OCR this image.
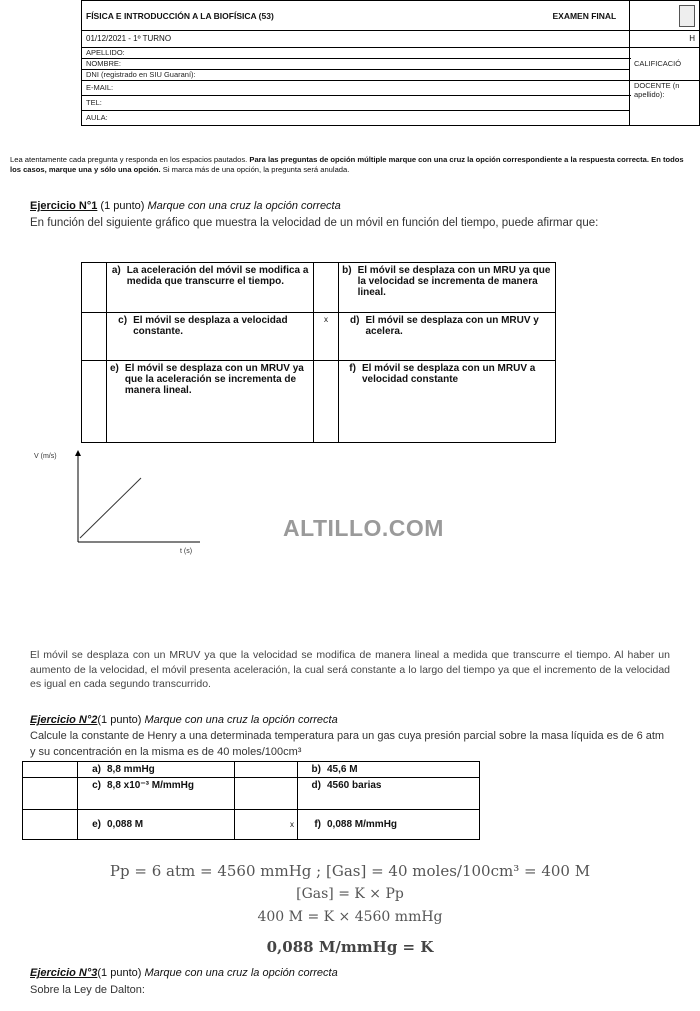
FÍSICA E INTRODUCCIÓN A LA BIOFÍSICA (53) EXAMEN FINAL	

01/12/2021 - 1º TURNO	H
APELLIDO:	CALIFICACIÓ
NOMBRE:	
DNI (registrado en SIU Guaraní):	
E-MAIL:	DOCENTE (n apellido):
TEL:	
AULA:	
Lea atentamente cada pregunta y responda en los espacios pautados. Para las preguntas de opción múltiple marque con una cruz la opción correspondiente a la respuesta correcta. En todos los casos, marque una y sólo una opción. Si marca más de una opción, la pregunta será anulada.
Ejercicio N°1 (1 punto) Marque con una cruz la opción correcta
En función del siguiente gráfico que muestra la velocidad de un móvil en función del tiempo, puede afirmar que:

	a) La aceleración del móvil se modifica a medida que transcurre el tiempo.		b) El móvil se desplaza con un MRU ya que la velocidad se incrementa de manera lineal.

	c) El móvil se desplaza a velocidad constante.	x	d) El móvil se desplaza con un MRUV y acelera.

	e) El móvil se desplaza con un MRUV ya que la aceleración se incrementa de manera lineal.		f) El móvil se desplaza con un MRUV a velocidad constante
V (m/s)
t (s)
ALTILLO.COM
El móvil se desplaza con un MRUV ya que la velocidad se modifica de manera lineal a medida que transcurre el tiempo. Al haber un aumento de la velocidad, el móvil presenta aceleración, la cual será constante a lo largo del tiempo ya que el incremento de la velocidad es igual en cada segundo transcurrido.
Ejercicio N°2(1 punto) Marque con una cruz la opción correcta
Calcule la constante de Henry a una determinada temperatura para un gas cuya presión parcial sobre la masa líquida es de 6 atm y su concentración en la misma es de 40 moles/100cm³
	a) 8,8 mmHg		b) 45,6 M
	c) 8,8 x10⁻³ M/mmHg		d) 4560 barias
	e) 0,088 M	x	f) 0,088 M/mmHg
Pp = 6 atm = 4560 mmHg ; [Gas] = 40 moles/100cm³ = 400 M
[Gas] = K × Pp
400 M = K × 4560 mmHg
0,088 M/mmHg = K
Ejercicio N°3(1 punto) Marque con una cruz la opción correcta
Sobre la Ley de Dalton:
